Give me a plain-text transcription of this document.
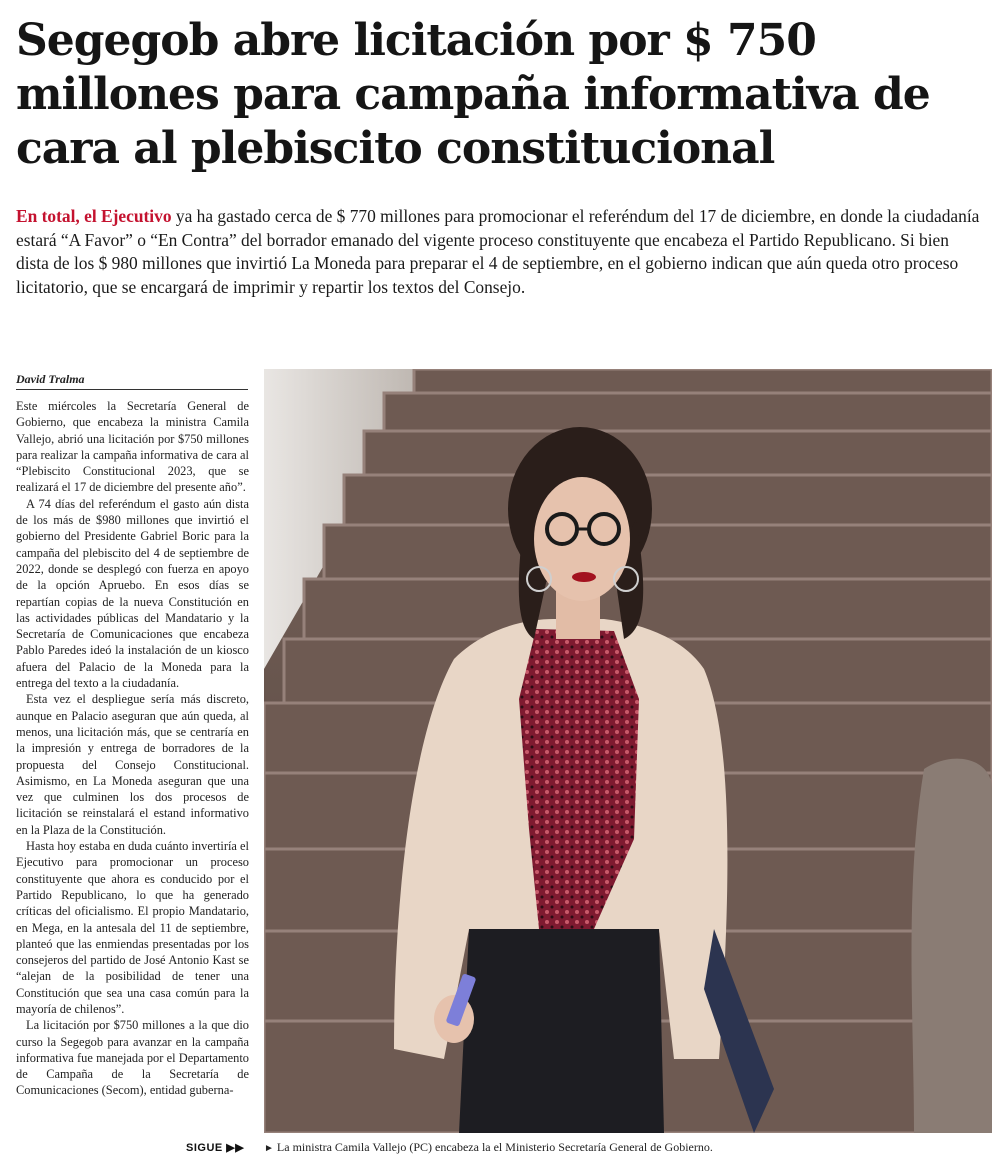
Segegob abre licitación por $ 750 millones para campaña informativa de cara al plebiscito constitucional

En total, el Ejecutivo ya ha gastado cerca de $ 770 millones para promocionar el referéndum del 17 de diciembre, en donde la ciudadanía estará “A Favor” o “En Contra” del borrador emanado del vigente proceso constituyente que encabeza el Partido Republicano. Si bien dista de los $ 980 millones que invirtió La Moneda para preparar el 4 de septiembre, en el gobierno indican que aún queda otro proceso licitatorio, que se encargará de imprimir y repartir los textos del Consejo.

David Tralma

Este miércoles la Secretaría General de Gobierno, que encabeza la ministra Camila Vallejo, abrió una licitación por $750 millones para realizar la campaña informativa de cara al “Plebiscito Constitucional 2023, que se realizará el 17 de diciembre del presente año”.

A 74 días del referéndum el gasto aún dista de los más de $980 millones que invirtió el gobierno del Presidente Gabriel Boric para la campaña del plebiscito del 4 de septiembre de 2022, donde se desplegó con fuerza en apoyo de la opción Apruebo. En esos días se repartían copias de la nueva Constitución en las actividades públicas del Mandatario y la Secretaría de Comunicaciones que encabeza Pablo Paredes ideó la instalación de un kiosco afuera del Palacio de la Moneda para la entrega del texto a la ciudadanía.

Esta vez el despliegue sería más discreto, aunque en Palacio aseguran que aún queda, al menos, una licitación más, que se centraría en la impresión y entrega de borradores de la propuesta del Consejo Constitucional. Asimismo, en La Moneda aseguran que una vez que culminen los dos procesos de licitación se reinstalará el estand informativo en la Plaza de la Constitución.

Hasta hoy estaba en duda cuánto invertiría el Ejecutivo para promocionar un proceso constituyente que ahora es conducido por el Partido Republicano, lo que ha generado críticas del oficialismo. El propio Mandatario, en Mega, en la antesala del 11 de septiembre, planteó que las enmiendas presentadas por los consejeros del partido de José Antonio Kast se “alejan de la posibilidad de tener una Constitución que sea una casa común para la mayoría de chilenos”.

La licitación por $750 millones a la que dio curso la Segegob para avanzar en la campaña informativa fue manejada por el Departamento de Campaña de la Secretaría de Comunicaciones (Secom), entidad guberna-

SIGUE ▶▶ ► La ministra Camila Vallejo (PC) encabeza la el Ministerio Secretaría General de Gobierno.
